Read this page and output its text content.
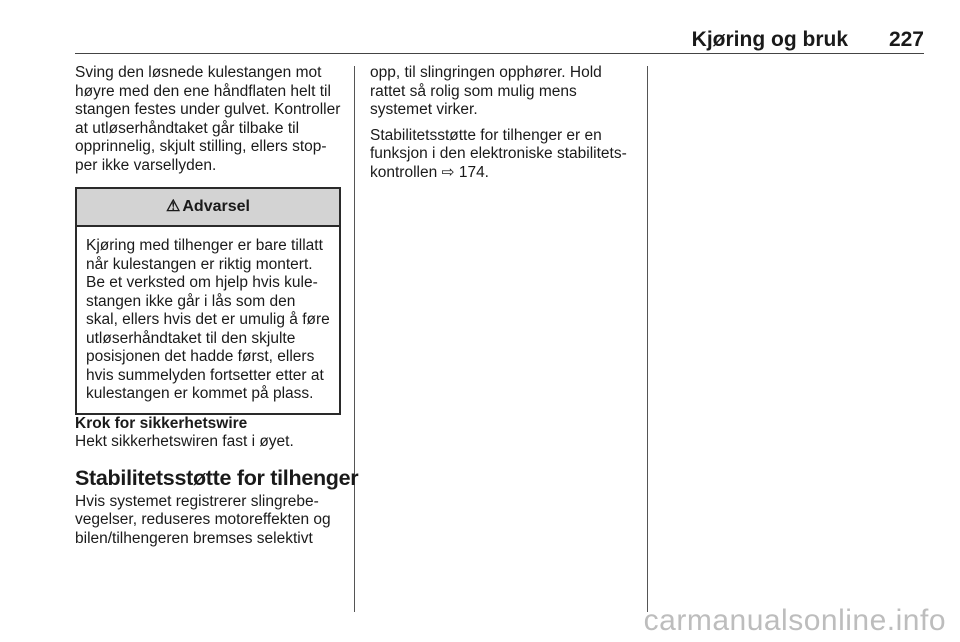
Kjøring og bruk 227

Sving den løsnede kulestangen mot høyre med den ene håndflaten helt til stangen festes under gulvet. Kontroller at utløserhåndtaket går tilbake til opprinnelig, skjult stilling, ellers stopper ikke varsellyden.

⚠ Advarsel
Kjøring med tilhenger er bare tillatt når kulestangen er riktig montert. Be et verksted om hjelp hvis kulestangen ikke går i lås som den skal, ellers hvis det er umulig å føre utløserhåndtaket til den skjulte posisjonen det hadde først, ellers hvis summelyden fortsetter etter at kulestangen er kommet på plass.

Krok for sikkerhetswire

Hekt sikkerhetswiren fast i øyet.

Stabilitetsstøtte for tilhenger

Hvis systemet registrerer slingrebevegelser, reduseres motoreffekten og bilen/tilhengeren bremses selektivt

opp, til slingringen opphører. Hold rattet så rolig som mulig mens systemet virker.

Stabilitetsstøtte for tilhenger er en funksjon i den elektroniske stabilitetskontrollen ⇨ 174.

carmanualsonline.info
